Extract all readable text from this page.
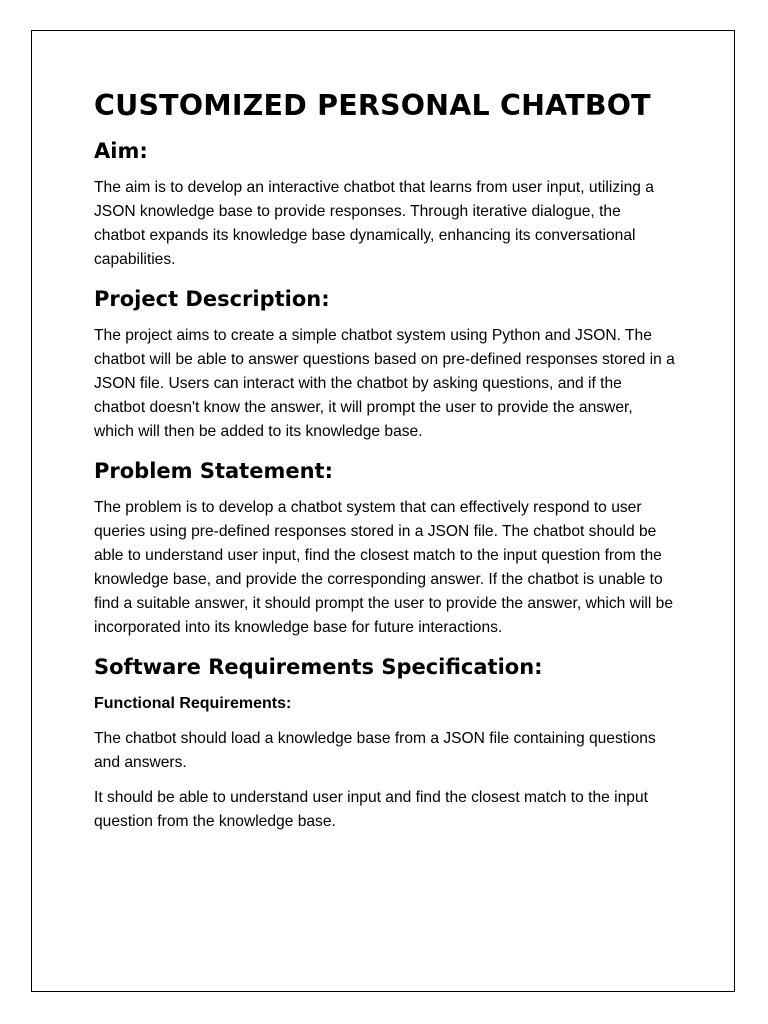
CUSTOMIZED PERSONAL CHATBOT
Aim:

The aim is to develop an interactive chatbot that learns from user input, utilizing a JSON knowledge base to provide responses. Through iterative dialogue, the chatbot expands its knowledge base dynamically, enhancing its conversational capabilities.

Project Description:

The project aims to create a simple chatbot system using Python and JSON. The chatbot will be able to answer questions based on pre-defined responses stored in a JSON file. Users can interact with the chatbot by asking questions, and if the chatbot doesn't know the answer, it will prompt the user to provide the answer, which will then be added to its knowledge base.

Problem Statement:

The problem is to develop a chatbot system that can effectively respond to user queries using pre-defined responses stored in a JSON file. The chatbot should be able to understand user input, find the closest match to the input question from the knowledge base, and provide the corresponding answer. If the chatbot is unable to find a suitable answer, it should prompt the user to provide the answer, which will be incorporated into its knowledge base for future interactions.

Software Requirements Specification:
Functional Requirements:

The chatbot should load a knowledge base from a JSON file containing questions and answers.

It should be able to understand user input and find the closest match to the input question from the knowledge base.
